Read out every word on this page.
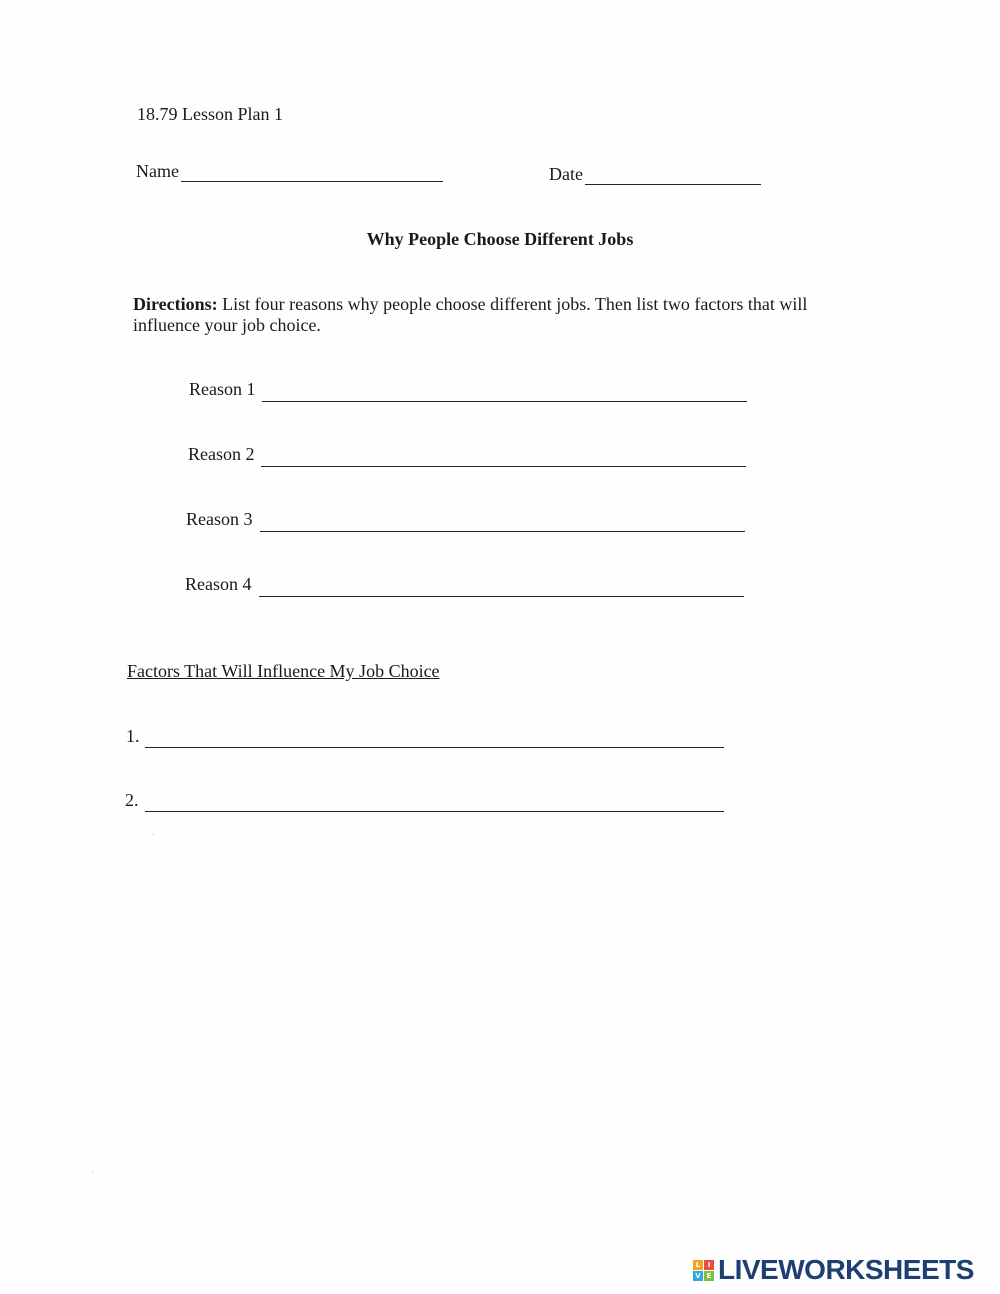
18.79 Lesson Plan 1
Name	Date
Why People Choose Different Jobs
Directions: List four reasons why people choose different jobs. Then list two factors that will influence your job choice.
Reason 1
Reason 2
Reason 3
Reason 4
Factors That Will Influence My Job Choice
1.
2.
L	I
V E LIVEWORKSHEETS
